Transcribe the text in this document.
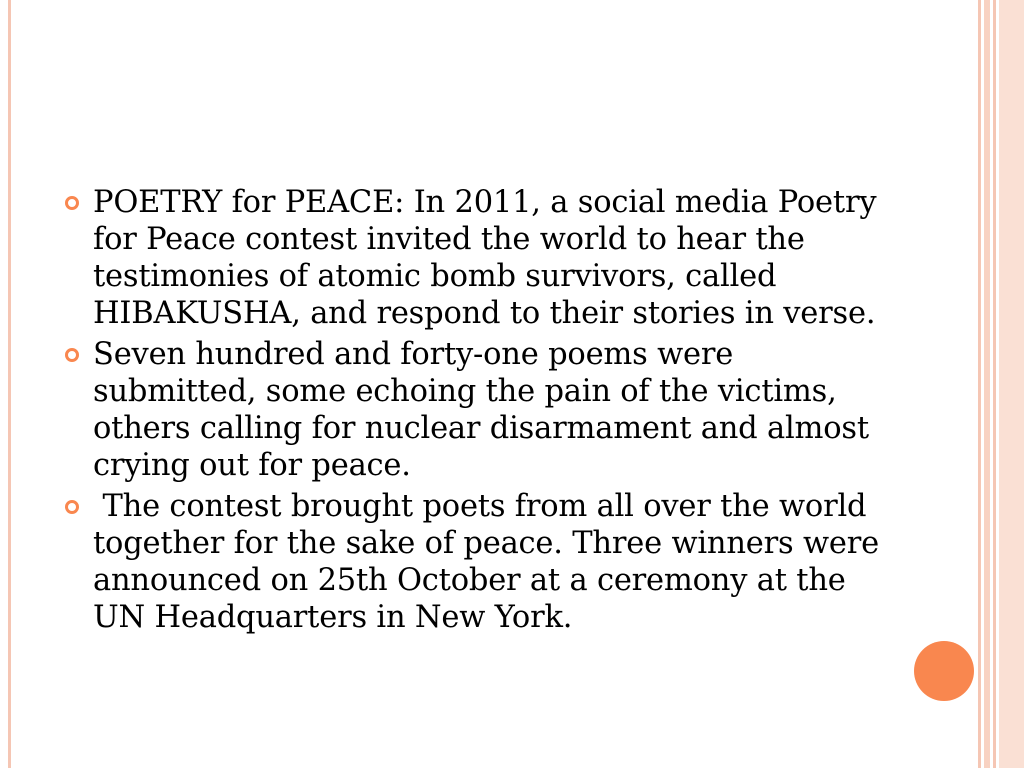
POETRY for PEACE: In 2011, a social media Poetry for Peace contest invited the world to hear the testimonies of atomic bomb survivors, called HIBAKUSHA, and respond to their stories in verse.
Seven hundred and forty-one poems were submitted, some echoing the pain of the victims, others calling for nuclear disarmament and almost crying out for peace.
The contest brought poets from all over the world together for the sake of peace. Three winners were announced on 25th October at a ceremony at the UN Headquarters in New York.
